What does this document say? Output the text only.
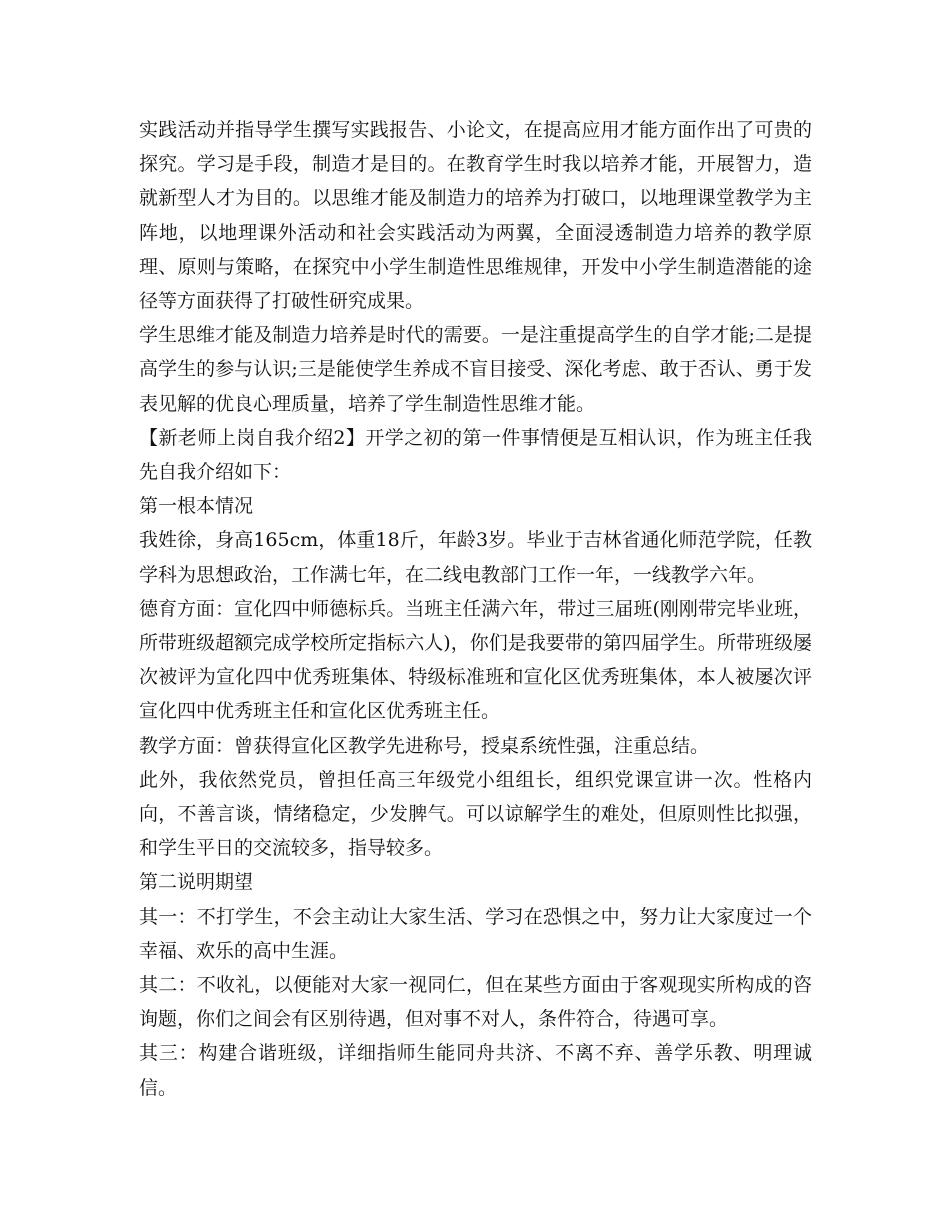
实践活动并指导学生撰写实践报告、小论文，在提高应用才能方面作出了可贵的探究。学习是手段，制造才是目的。在教育学生时我以培养才能，开展智力，造就新型人才为目的。以思维才能及制造力的培养为打破口，以地理课堂教学为主阵地，以地理课外活动和社会实践活动为两翼，全面浸透制造力培养的教学原理、原则与策略，在探究中小学生制造性思维规律，开发中小学生制造潜能的途径等方面获得了打破性研究成果。

学生思维才能及制造力培养是时代的需要。一是注重提高学生的自学才能;二是提高学生的参与认识;三是能使学生养成不盲目接受、深化考虑、敢于否认、勇于发表见解的优良心理质量，培养了学生制造性思维才能。

【新老师上岗自我介绍2】开学之初的第一件事情便是互相认识，作为班主任我先自我介绍如下：

第一根本情况

我姓徐，身高165cm，体重18斤，年龄3岁。毕业于吉林省通化师范学院，任教学科为思想政治，工作满七年，在二线电教部门工作一年，一线教学六年。

德育方面：宣化四中师德标兵。当班主任满六年，带过三届班(刚刚带完毕业班，所带班级超额完成学校所定指标六人)，你们是我要带的第四届学生。所带班级屡次被评为宣化四中优秀班集体、特级标准班和宣化区优秀班集体，本人被屡次评宣化四中优秀班主任和宣化区优秀班主任。

教学方面：曾获得宣化区教学先进称号，授桌系统性强，注重总结。

此外，我依然党员，曾担任高三年级党小组组长，组织党课宣讲一次。性格内向，不善言谈，情绪稳定，少发脾气。可以谅解学生的难处，但原则性比拟强，和学生平日的交流较多，指导较多。

第二说明期望

其一：不打学生，不会主动让大家生活、学习在恐惧之中，努力让大家度过一个幸福、欢乐的高中生涯。

其二：不收礼，以便能对大家一视同仁，但在某些方面由于客观现实所构成的咨询题，你们之间会有区别待遇，但对事不对人，条件符合，待遇可享。

其三：构建合谐班级，详细指师生能同舟共济、不离不弃、善学乐教、明理诚信。
